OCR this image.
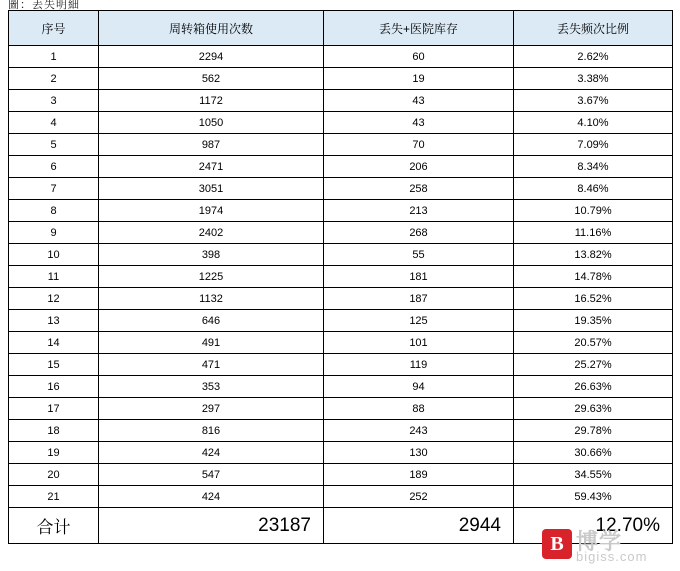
圖：丟失明細
序号	周转箱使用次数	丢失+医院库存	丢失频次比例
1	2294	60	2.62%
2	562	19	3.38%
3	1172	43	3.67%
4	1050	43	4.10%
5	987	70	7.09%
6	2471	206	8.34%
7	3051	258	8.46%
8	1974	213	10.79%
9	2402	268	11.16%
10	398	55	13.82%
11	1225	181	14.78%
12	1132	187	16.52%
13	646	125	19.35%
14	491	101	20.57%
15	471	119	25.27%
16	353	94	26.63%
17	297	88	29.63%
18	816	243	29.78%
19	424	130	30.66%
20	547	189	34.55%
21	424	252	59.43%
合计	23187	2944	12.70%
B 博学
bigiss.com
